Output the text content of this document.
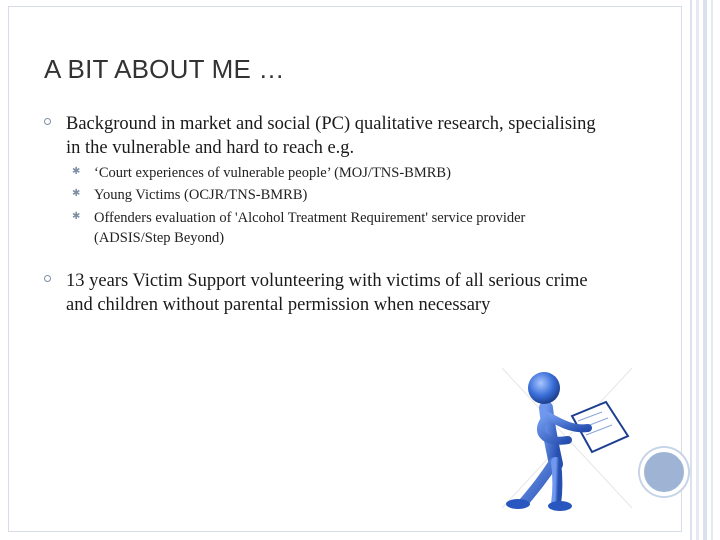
A BIT ABOUT ME …
Background in market and social (PC) qualitative research, specialising in the vulnerable and hard to reach e.g.
✱ ‘Court experiences of vulnerable people’ (MOJ/TNS-BMRB)
✱ Young Victims (OCJR/TNS-BMRB)
✱ Offenders evaluation of 'Alcohol Treatment Requirement' service provider (ADSIS/Step Beyond)
13 years Victim Support volunteering with victims of all serious crime and children without parental permission when necessary
